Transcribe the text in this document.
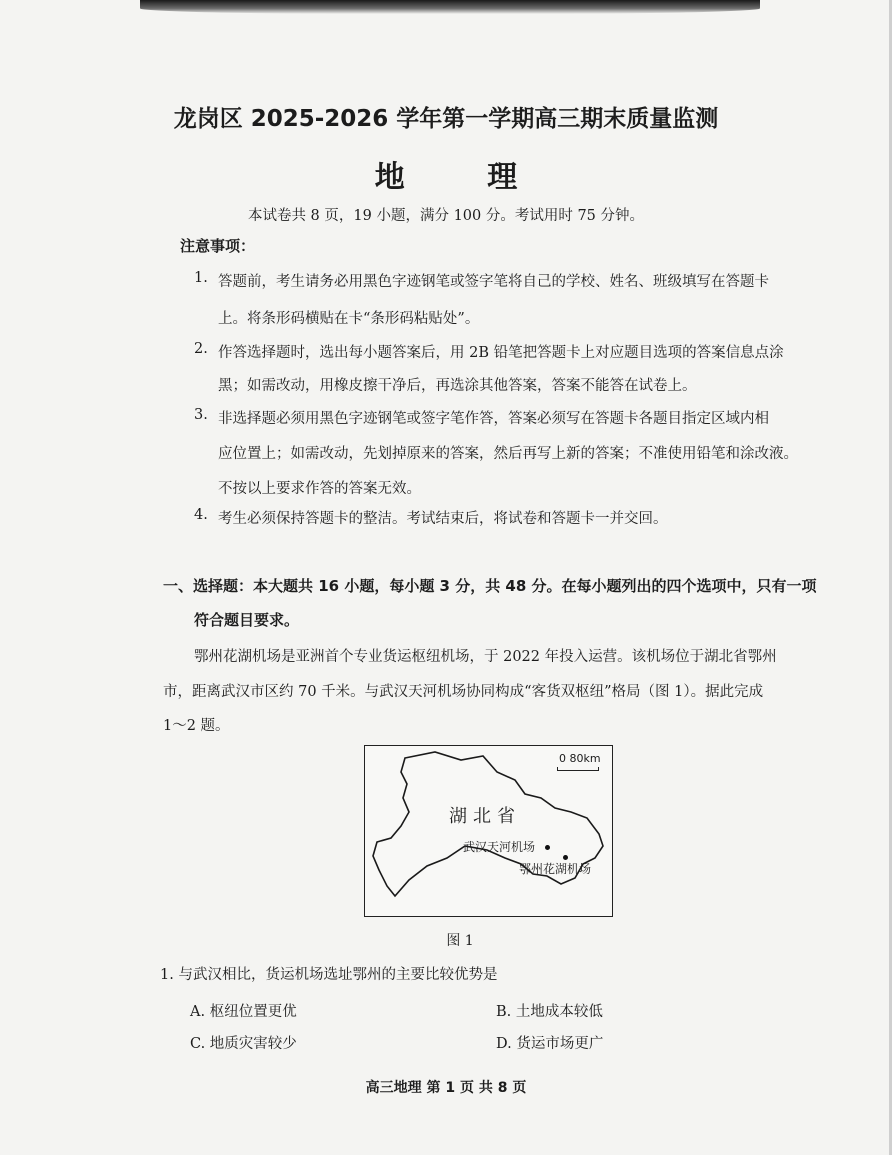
龙岗区 2025-2026 学年第一学期高三期末质量监测
地 理
本试卷共 8 页，19 小题，满分 100 分。考试用时 75 分钟。
注意事项：
1. 答题前，考生请务必用黑色字迹钢笔或签字笔将自己的学校、姓名、班级填写在答题卡
上。将条形码横贴在卡“条形码粘贴处”。
2. 作答选择题时，选出每小题答案后，用 2B 铅笔把答题卡上对应题目选项的答案信息点涂
黑；如需改动，用橡皮擦干净后，再选涂其他答案，答案不能答在试卷上。
3. 非选择题必须用黑色字迹钢笔或签字笔作答，答案必须写在答题卡各题目指定区域内相
应位置上；如需改动，先划掉原来的答案，然后再写上新的答案；不准使用铅笔和涂改液。
不按以上要求作答的答案无效。
4. 考生必须保持答题卡的整洁。考试结束后，将试卷和答题卡一并交回。
一、选择题：本大题共 16 小题，每小题 3 分，共 48 分。在每小题列出的四个选项中，只有一项
符合题目要求。
鄂州花湖机场是亚洲首个专业货运枢纽机场，于 2022 年投入运营。该机场位于湖北省鄂州
市，距离武汉市区约 70 千米。与武汉天河机场协同构成“客货双枢纽”格局（图 1）。据此完成
1～2 题。
0 80km
湖北省
武汉天河机场
鄂州花湖机场
图 1
1. 与武汉相比，货运机场选址鄂州的主要比较优势是
A. 枢纽位置更优	B. 土地成本较低
C. 地质灾害较少	D. 货运市场更广
高三地理 第 1 页 共 8 页
